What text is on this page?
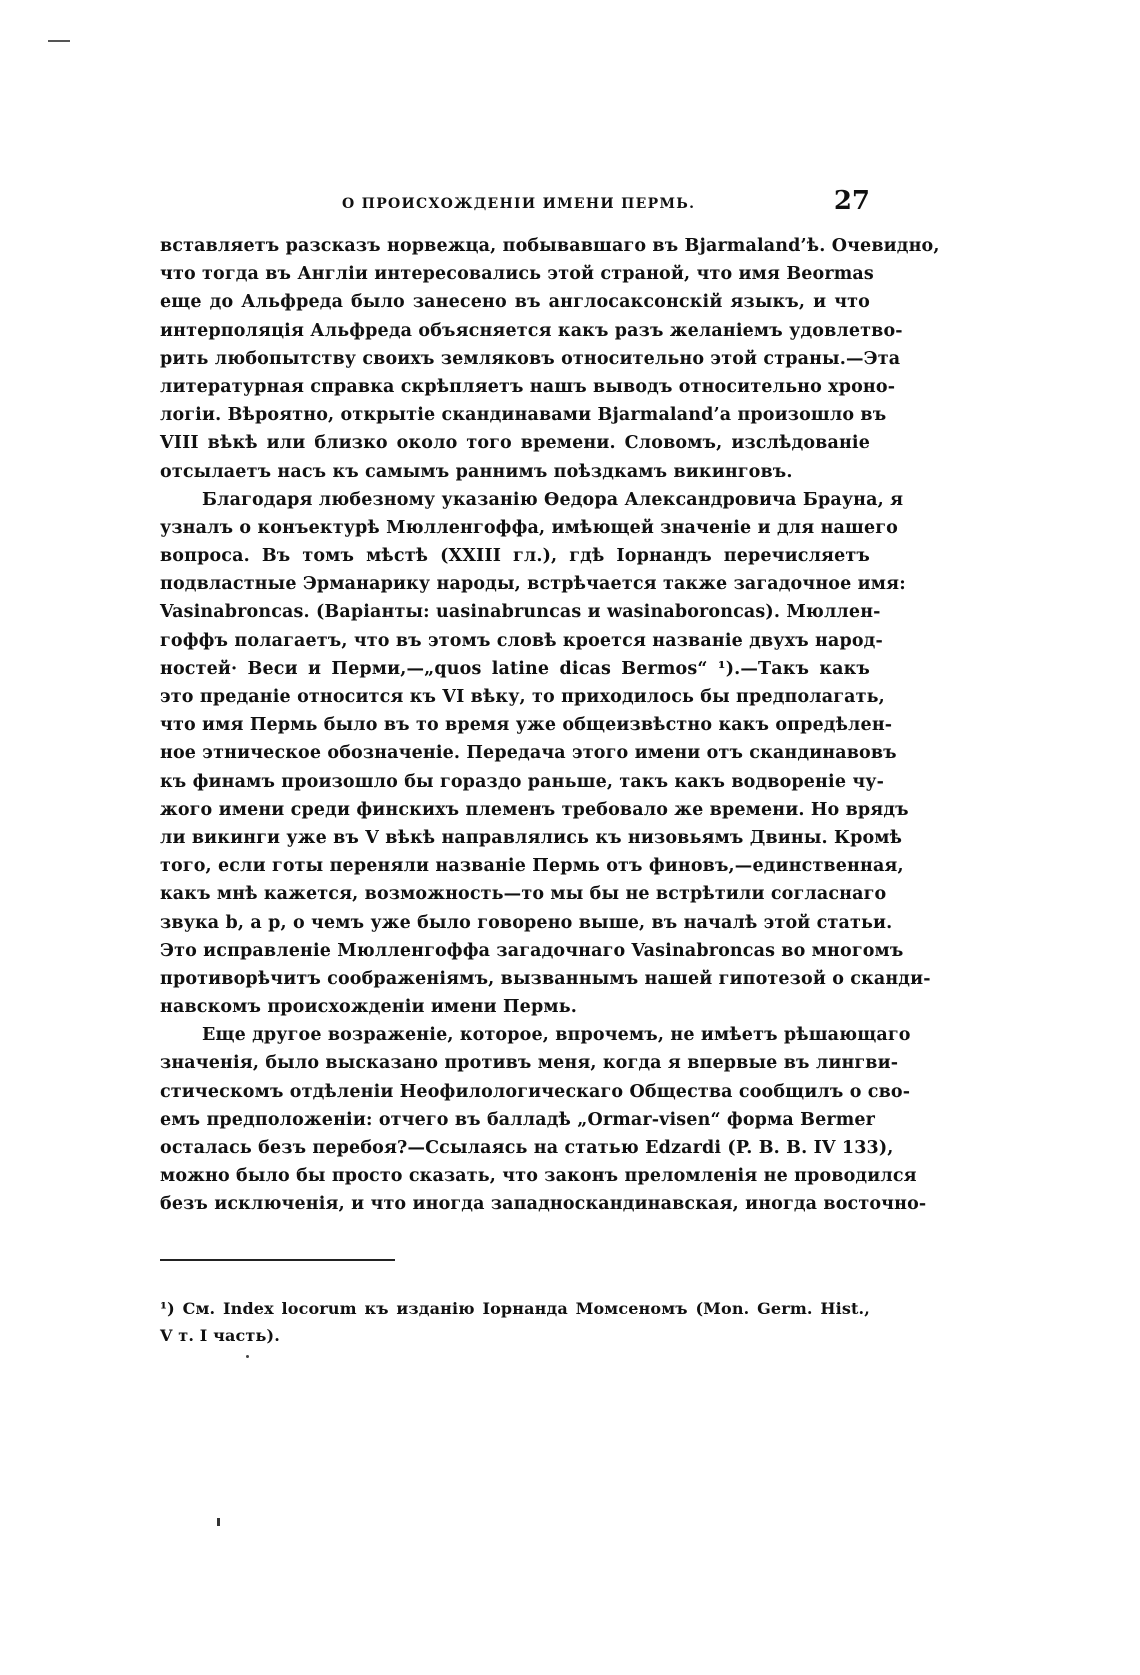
О ПРОИСХОЖДЕНІИ ИМЕНИ ПЕРМЬ.	27
вставляетъ разсказъ норвежца, побывавшаго въ Bjarmaland’ѣ. Очевидно,
что тогда въ Англіи интересовались этой страной, что имя Beormas
еще до Альфреда было занесено въ англосаксонскій языкъ, и что
интерполяція Альфреда объясняется какъ разъ желаніемъ удовлетво-
рить любопытству своихъ земляковъ относительно этой страны.—Эта
литературная справка скрѣпляетъ нашъ выводъ относительно хроно-
логіи. Вѣроятно, открытіе скандинавами Bjarmaland’а произошло въ
VIII вѣкѣ или близко около того времени. Словомъ, изслѣдованіе
отсылаетъ насъ къ самымъ раннимъ поѣздкамъ викинговъ.
Благодаря любезному указанію Ѳедора Александровича Брауна, я
узналъ о конъектурѣ Мюлленгоффа, имѣющей значеніе и для нашего
вопроса. Въ томъ мѣстѣ (XXIII гл.), гдѣ Іорнандъ перечисляетъ
подвластные Эрманарику народы, встрѣчается также загадочное имя:
Vasinabroncas. (Варіанты: uasinabruncas и wasinaboroncas). Мюллен-
гоффъ полагаетъ, что въ этомъ словѣ кроется названіе двухъ народ-
ностей· Веси и Перми,—„quos latine dicas Bermos“ ¹).—Такъ какъ
это преданіе относится къ VI вѣку, то приходилось бы предполагать,
что имя Пермь было въ то время уже общеизвѣстно какъ опредѣлен-
ное этническое обозначеніе. Передача этого имени отъ скандинавовъ
къ финамъ произошло бы гораздо раньше, такъ какъ водвореніе чу-
жого имени среди финскихъ племенъ требовало же времени. Но врядъ
ли викинги уже въ V вѣкѣ направлялись къ низовьямъ Двины. Кромѣ
того, если готы переняли названіе Пермь отъ финовъ,—единственная,
какъ мнѣ кажется, возможность—то мы бы не встрѣтили согласнаго
звука b, а p, о чемъ уже было говорено выше, въ началѣ этой статьи.
Это исправленіе Мюлленгоффа загадочнаго Vasinabroncas во многомъ
противорѣчитъ соображеніямъ, вызваннымъ нашей гипотезой о сканди-
навскомъ происхожденіи имени Пермь.
Еще другое возраженіе, которое, впрочемъ, не имѣетъ рѣшающаго
значенія, было высказано противъ меня, когда я впервые въ лингви-
стическомъ отдѣленіи Неофилологическаго Общества сообщилъ о сво-
емъ предположеніи: отчего въ балладѣ „Ormar-visen“ форма Bermer
осталась безъ перебоя?—Ссылаясь на статью Edzardi (P. B. B. IV 133),
можно было бы просто сказать, что законъ преломленія не проводился
безъ исключенія, и что иногда западноскандинавская, иногда восточно-
¹) См. Index locorum къ изданію Іорнанда Момсеномъ (Mon. Germ. Hist.,
V т. I часть).
